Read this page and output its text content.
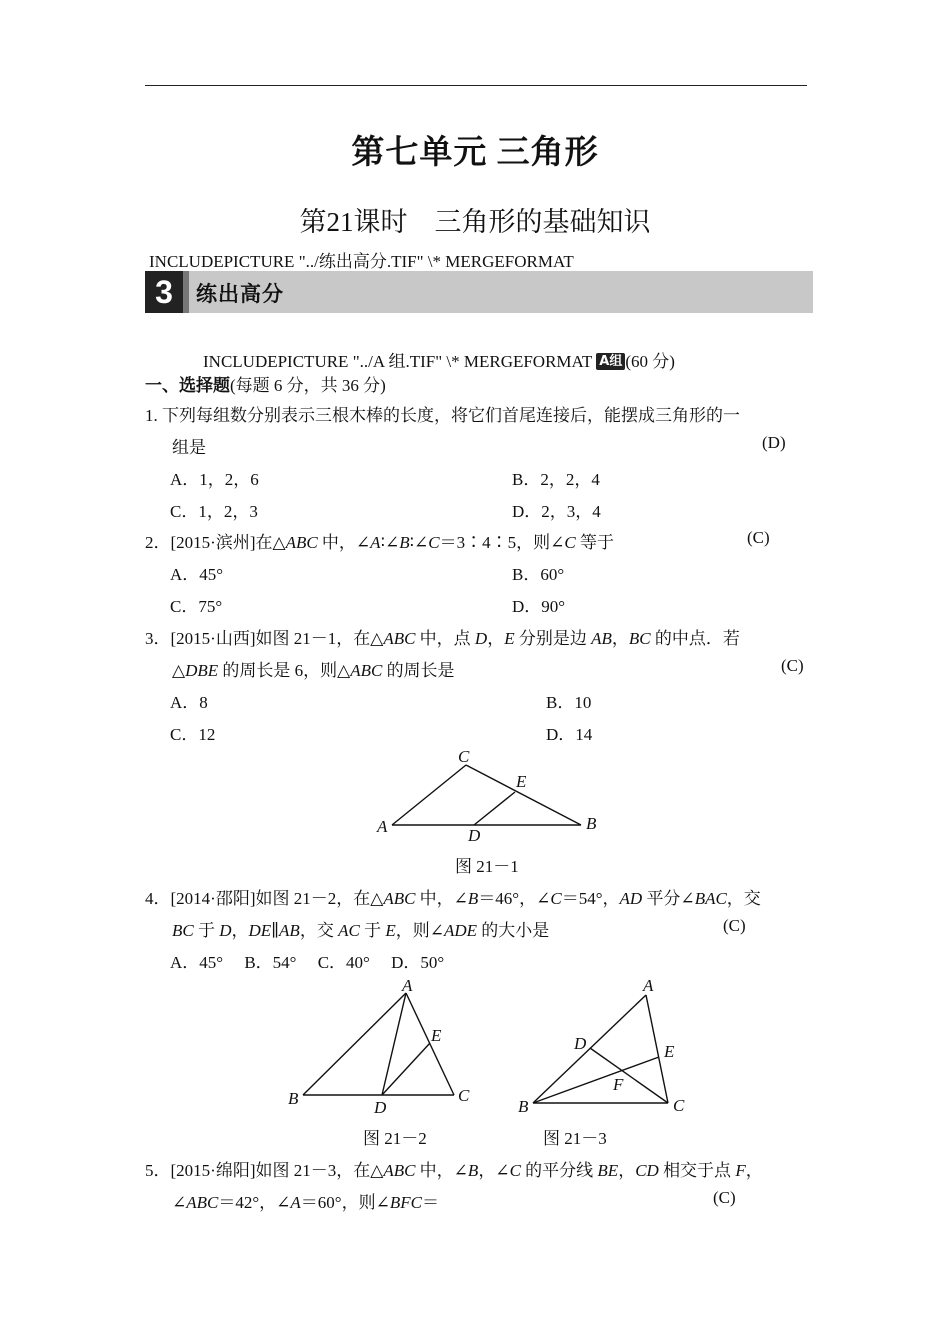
第七单元 三角形
第21课时　三角形的基础知识
INCLUDEPICTURE "../练出高分.TIF" \* MERGEFORMAT
3	练出高分
INCLUDEPICTURE "../A 组.TIF" \* MERGEFORMAT A组 (60 分)
一、选择题(每题 6 分，共 36 分)
1. 下列每组数分别表示三根木棒的长度，将它们首尾连接后，能摆成三角形的一
组是	(D)
A．1，2，6	B．2，2，4
C．1，2，3	D．2，3，4
2．[2015·滨州]在△ABC 中，∠A∶∠B∶∠C＝3∶4∶5，则∠C 等于	(C)
A．45°	B．60°
C．75°	D．90°
3．[2015·山西]如图 21－1，在△ABC 中，点 D，E 分别是边 AB，BC 的中点．若
△DBE 的周长是 6，则△ABC 的周长是	(C)
A．8	B．10
C．12	D．14
C
E
A	B
D
图 21－1
4．[2014·邵阳]如图 21－2，在△ABC 中，∠B＝46°，∠C＝54°，AD 平分∠BAC，交
BC 于 D，DE∥AB，交 AC 于 E，则∠ADE 的大小是	(C)
A．45°  B．54°  C．40°  D．50°
A
E
B	C
D
图 21－2
A
D	E
F
B	C
图 21－3
5．[2015·绵阳]如图 21－3，在△ABC 中，∠B，∠C 的平分线 BE，CD 相交于点 F，
∠ABC＝42°，∠A＝60°，则∠BFC＝	(C)
